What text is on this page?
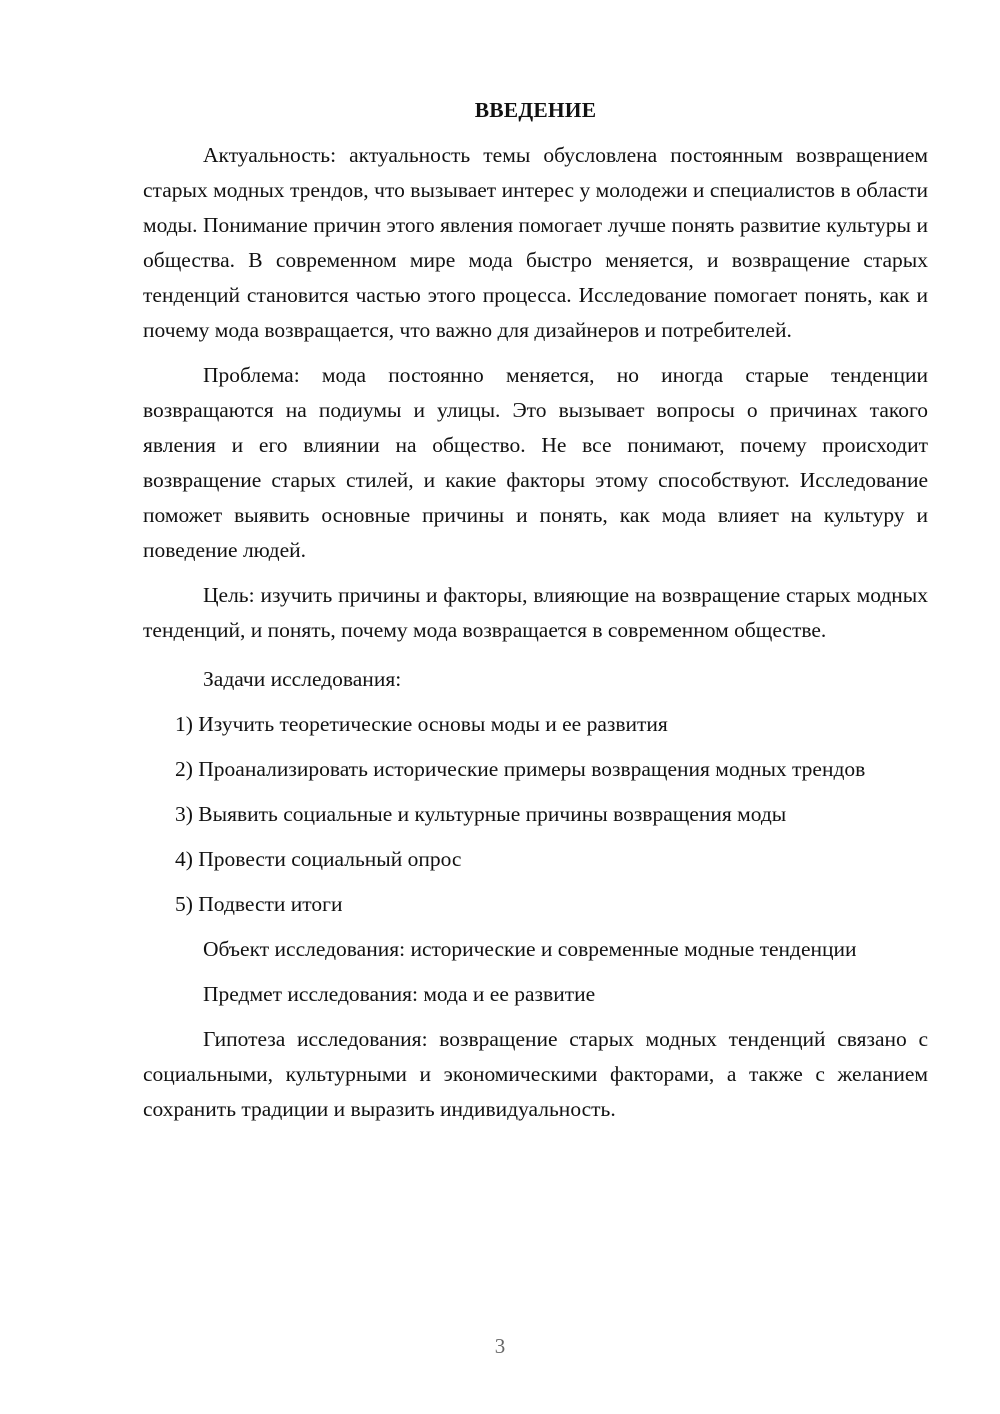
ВВЕДЕНИЕ

Актуальность: актуальность темы обусловлена постоянным возвращением старых модных трендов, что вызывает интерес у молодежи и специалистов в области моды. Понимание причин этого явления помогает лучше понять развитие культуры и общества. В современном мире мода быстро меняется, и возвращение старых тенденций становится частью этого процесса. Исследование помогает понять, как и почему мода возвращается, что важно для дизайнеров и потребителей.

Проблема: мода постоянно меняется, но иногда старые тенденции возвращаются на подиумы и улицы. Это вызывает вопросы о причинах такого явления и его влиянии на общество. Не все понимают, почему происходит возвращение старых стилей, и какие факторы этому способствуют. Исследование поможет выявить основные причины и понять, как мода влияет на культуру и поведение людей.

Цель: изучить причины и факторы, влияющие на возвращение старых модных тенденций, и понять, почему мода возвращается в современном обществе.

Задачи исследования:

1) Изучить теоретические основы моды и ее развития

2) Проанализировать исторические примеры возвращения модных трендов

3) Выявить социальные и культурные причины возвращения моды

4) Провести социальный опрос

5) Подвести итоги

Объект исследования: исторические и современные модные тенденции

Предмет исследования: мода и ее развитие

Гипотеза исследования: возвращение старых модных тенденций связано с социальными, культурными и экономическими факторами, а также с желанием сохранить традиции и выразить индивидуальность.

3
